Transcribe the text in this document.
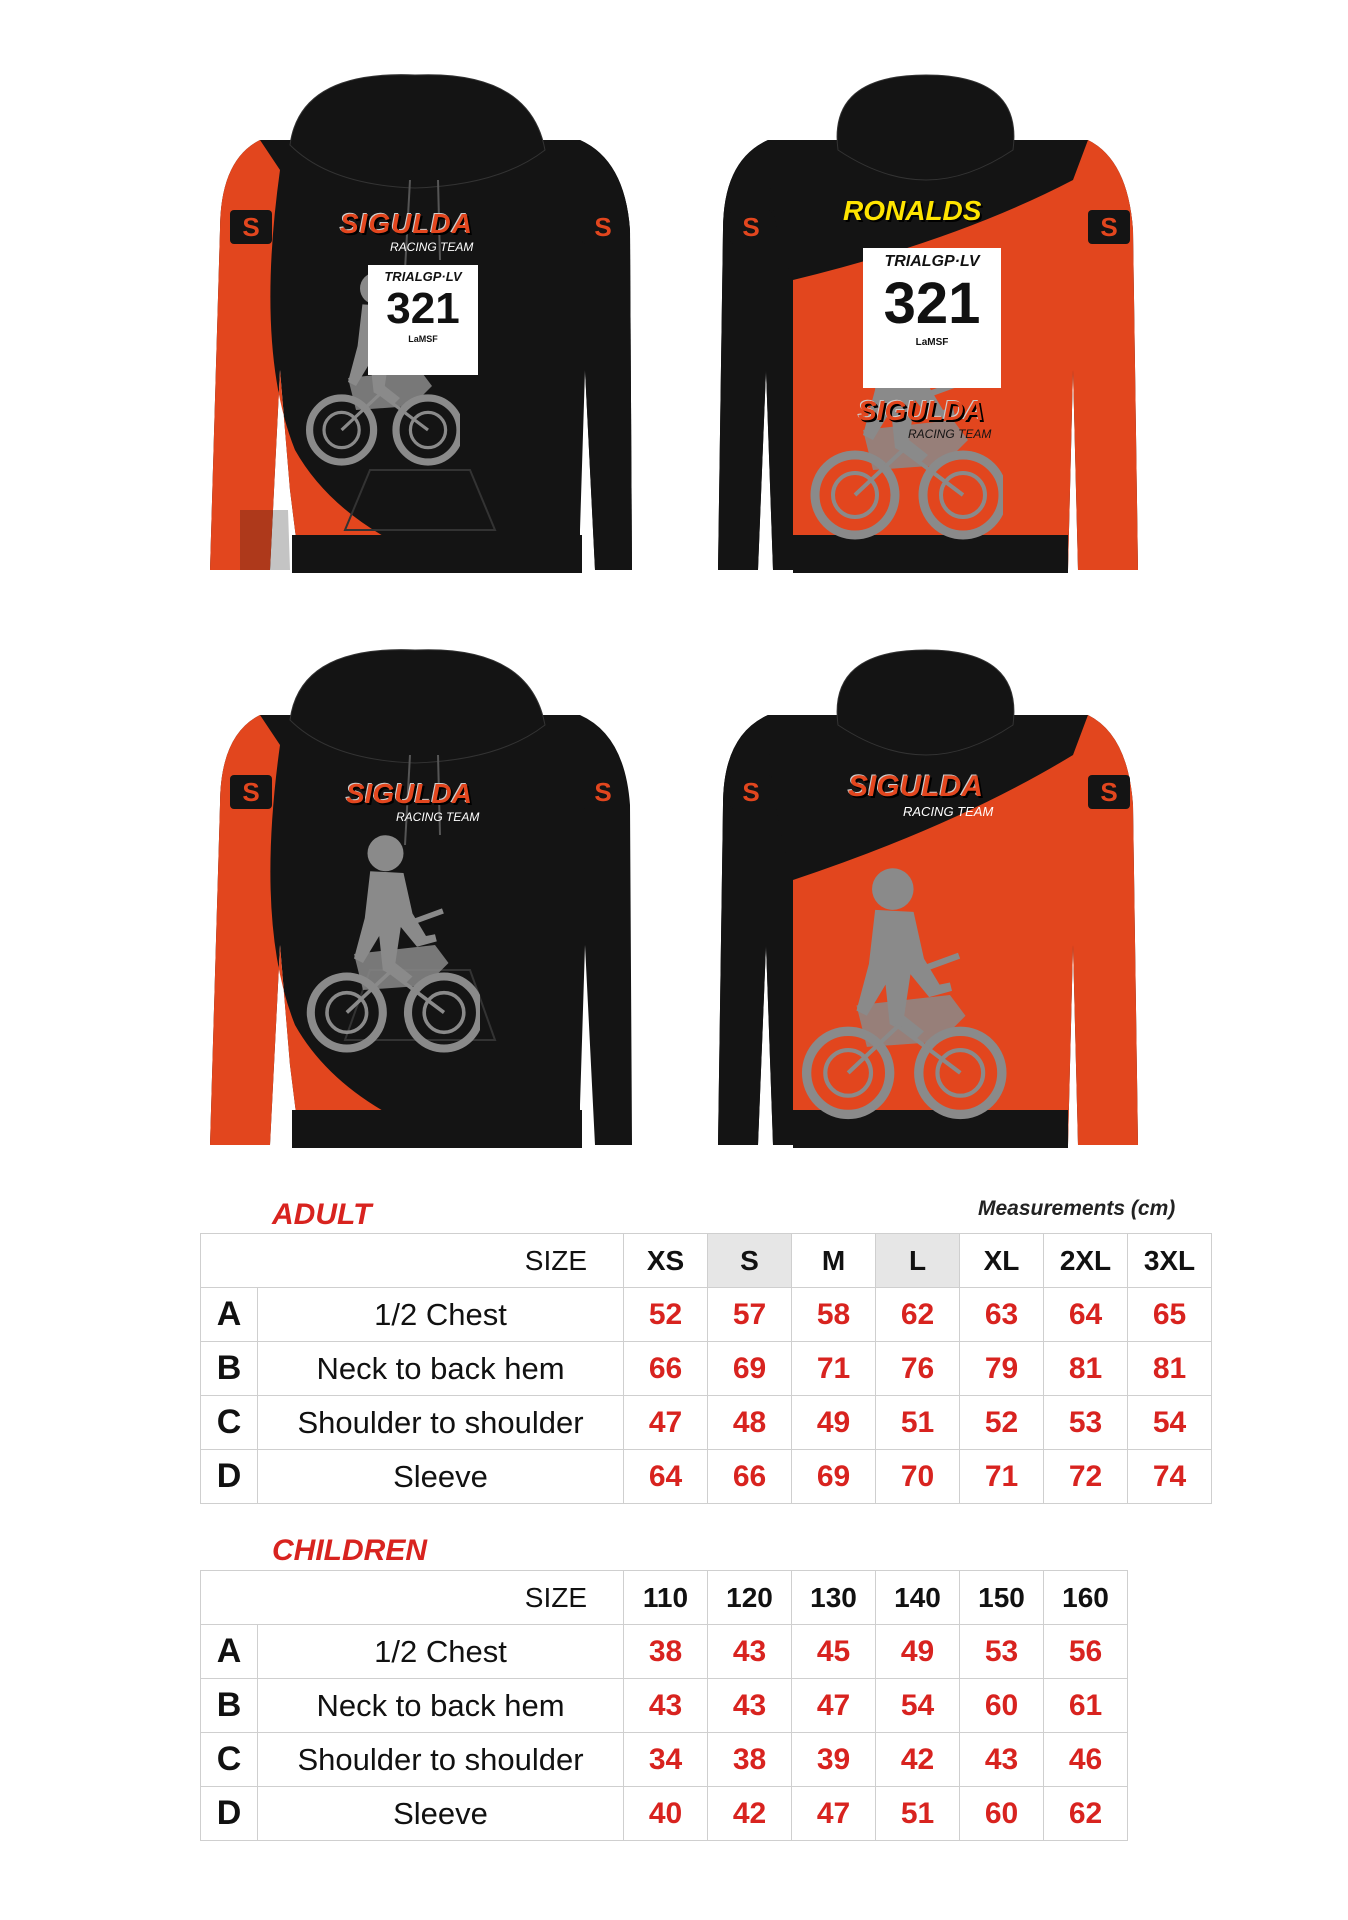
S	S
SIGULDA
RACING TEAM
TRIALGP·LV
321
LaMSF
RONALDS
S	S
TRIALGP·LV
321
LaMSF
SIGULDA
RACING TEAM
S	S
SIGULDA
RACING TEAM
S	S
SIGULDA
RACING TEAM
ADULT	Measurements (cm)
SIZE		XS	S	M	L	XL	2XL	3XL
A	1/2 Chest	52	57	58	62	63	64	65
B	Neck to back hem	66	69	71	76	79	81	81
C	Shoulder to shoulder	47	48	49	51	52	53	54
D	Sleeve	64	66	69	70	71	72	74
CHILDREN
SIZE		110	120	130	140	150	160
A	1/2 Chest	38	43	45	49	53	56
B	Neck to back hem	43	43	47	54	60	61
C	Shoulder to shoulder	34	38	39	42	43	46
D	Sleeve	40	42	47	51	60	62
